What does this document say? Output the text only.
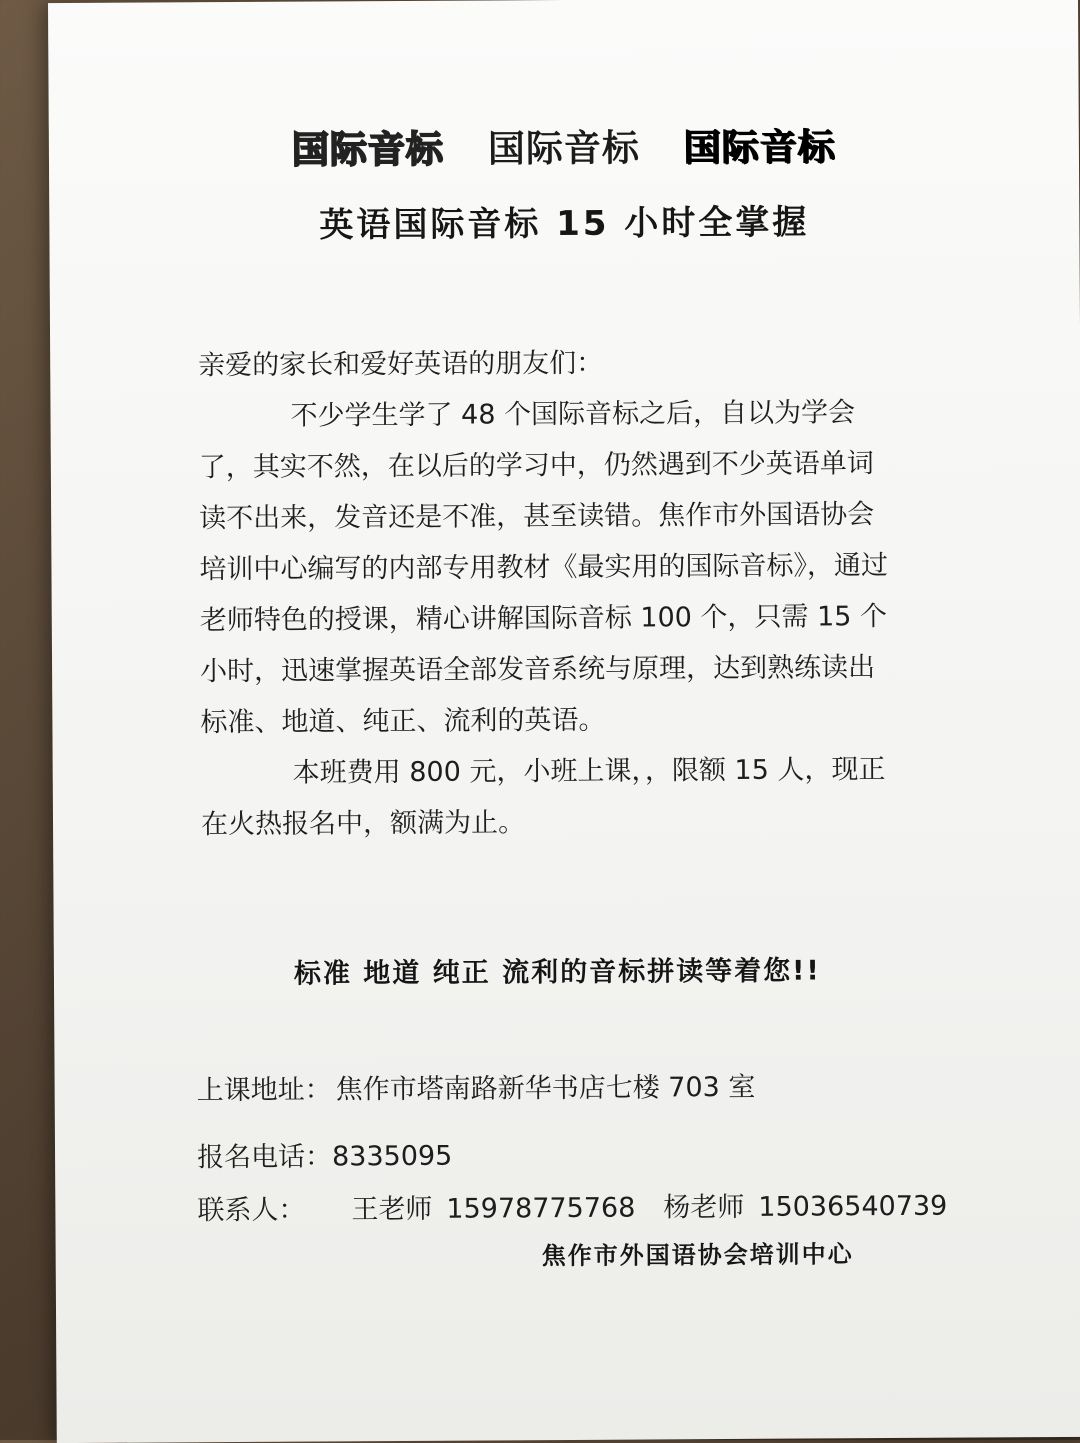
国际音标 国际音标 国际音标
英语国际音标 15 小时全掌握

亲爱的家长和爱好英语的朋友们：

不少学生学了 48 个国际音标之后，自以为学会了，其实不然，在以后的学习中，仍然遇到不少英语单词读不出来，发音还是不准，甚至读错。焦作市外国语协会培训中心编写的内部专用教材《最实用的国际音标》，通过老师特色的授课，精心讲解国际音标 100 个，只需 15 个小时，迅速掌握英语全部发音系统与原理，达到熟练读出标准、地道、纯正、流利的英语。

本班费用 800 元，小班上课，，限额 15 人，现正在火热报名中，额满为止。

标准 地道 纯正 流利的音标拼读等着您!!
上课地址： 焦作市塔南路新华书店七楼 703 室
报名电话：8335095
联系人： 王老师 15978775768 杨老师 15036540739
焦作市外国语协会培训中心
